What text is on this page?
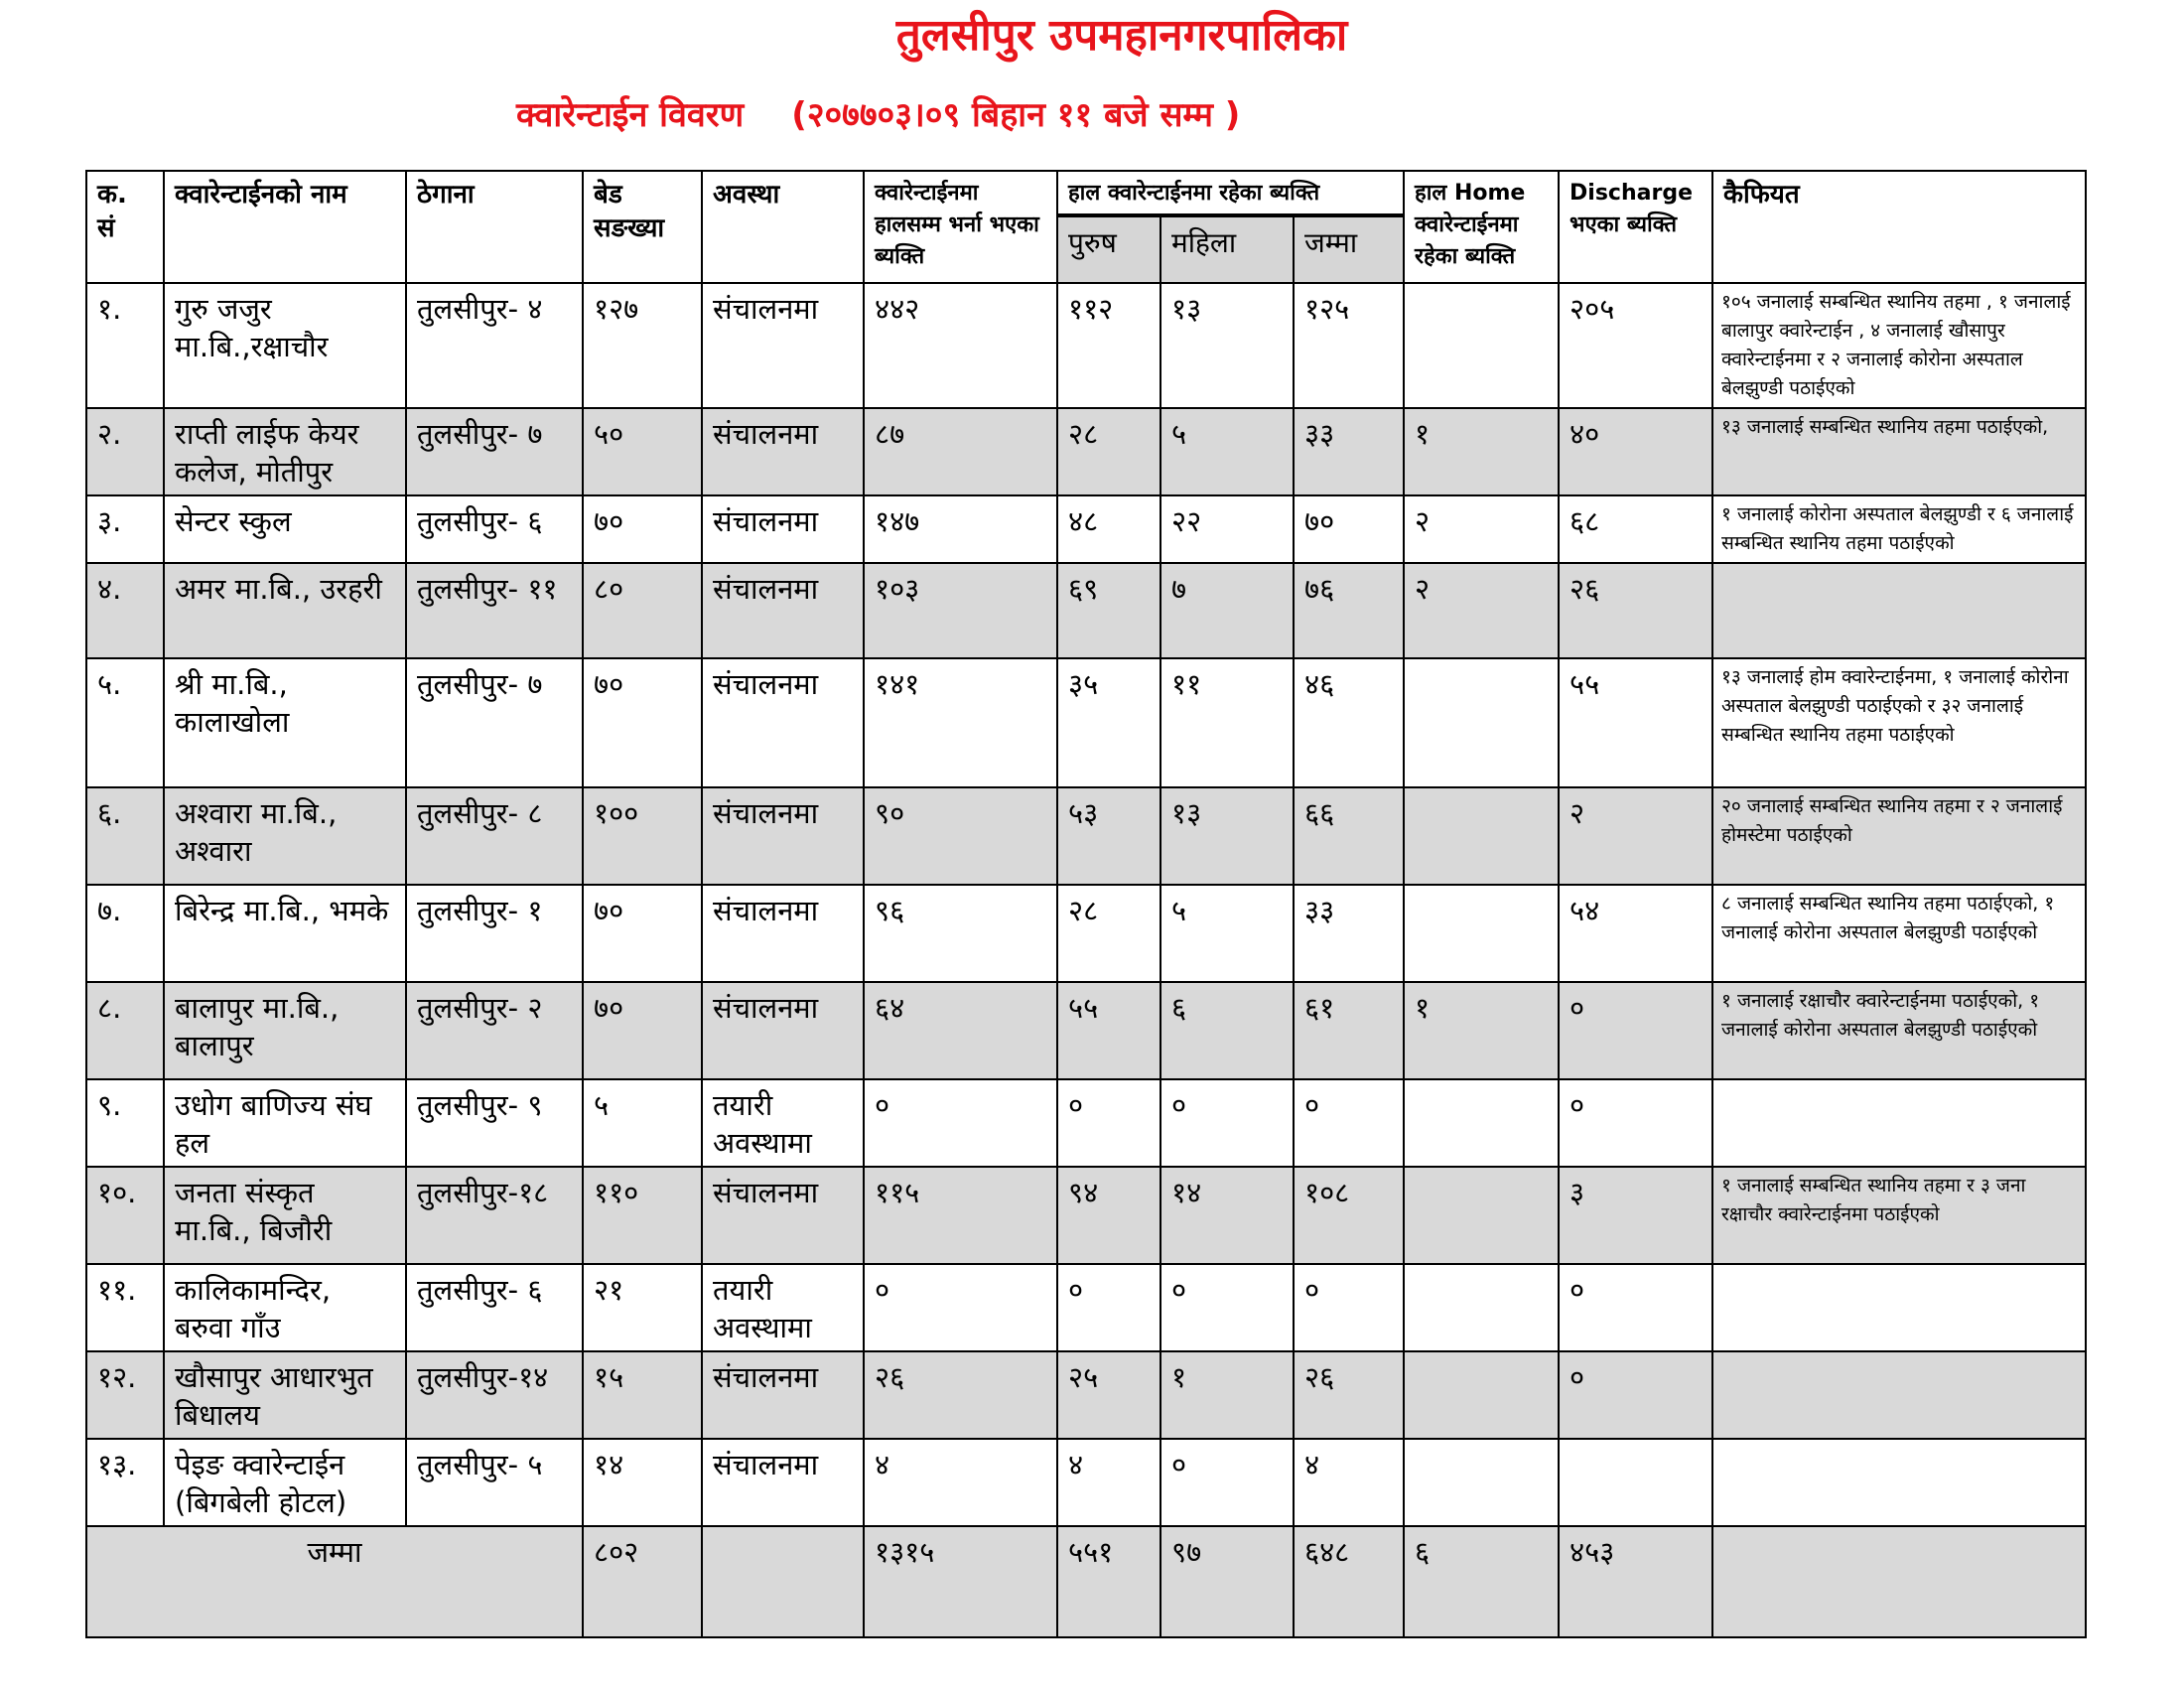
तुलसीपुर उपमहानगरपालिका
क्वारेन्टाईन विवरण (२०७७०३।०९ बिहान ११ बजे सम्म )
क. सं	क्वारेन्टाईनको नाम	ठेगाना	बेड सङख्या	अवस्था	क्वारेन्टाईनमा हालसम्म भर्ना भएका ब्यक्ति	हाल क्वारेन्टाईनमा रहेका ब्यक्ति			हाल Home क्वारेन्टाईनमा रहेका ब्यक्ति	Discharge भएका ब्यक्ति	कैफियत
						पुरुष	महिला	जम्मा			
१.	गुरु जजुर मा.बि.,रक्षाचौर	तुलसीपुर- ४	१२७	संचालनमा	४४२	११२	१३	१२५		२०५	१०५ जनालाई सम्बन्धित स्थानिय तहमा , १ जनालाई बालापुर क्वारेन्टाईन , ४ जनालाई खौसापुर क्वारेन्टाईनमा र २ जनालाई कोरोना अस्पताल बेलझुण्डी पठाईएको
२.	राप्ती लाईफ केयर कलेज, मोतीपुर	तुलसीपुर- ७	५०	संचालनमा	८७	२८	५	३३	१	४०	१३ जनालाई सम्बन्धित स्थानिय तहमा पठाईएको,
३.	सेन्टर स्कुल	तुलसीपुर- ६	७०	संचालनमा	१४७	४८	२२	७०	२	६८	१ जनालाई कोरोना अस्पताल बेलझुण्डी र ६ जनालाई सम्बन्धित स्थानिय तहमा पठाईएको
४.	अमर मा.बि., उरहरी	तुलसीपुर- ११	८०	संचालनमा	१०३	६९	७	७६	२	२६	
५.	श्री मा.बि., कालाखोला	तुलसीपुर- ७	७०	संचालनमा	१४१	३५	११	४६		५५	१३ जनालाई होम क्वारेन्टाईनमा, १ जनालाई कोरोना अस्पताल बेलझुण्डी पठाईएको र ३२ जनालाई सम्बन्धित स्थानिय तहमा पठाईएको
६.	अश्वारा मा.बि., अश्वारा	तुलसीपुर- ८	१००	संचालनमा	९०	५३	१३	६६		२	२० जनालाई सम्बन्धित स्थानिय तहमा र २ जनालाई होमस्टेमा पठाईएको
७.	बिरेन्द्र मा.बि., भमके	तुलसीपुर- १	७०	संचालनमा	९६	२८	५	३३		५४	८ जनालाई सम्बन्धित स्थानिय तहमा पठाईएको, १ जनालाई कोरोना अस्पताल बेलझुण्डी पठाईएको
८.	बालापुर मा.बि., बालापुर	तुलसीपुर- २	७०	संचालनमा	६४	५५	६	६१	१	०	१ जनालाई रक्षाचौर क्वारेन्टाईनमा पठाईएको, १ जनालाई कोरोना अस्पताल बेलझुण्डी पठाईएको
९.	उधोग बाणिज्य संघ हल	तुलसीपुर- ९	५	तयारी अवस्थामा	०	०	०	०		०	
१०.	जनता संस्कृत मा.बि., बिजौरी	तुलसीपुर-१८	११०	संचालनमा	११५	९४	१४	१०८		३	१ जनालाई सम्बन्धित स्थानिय तहमा र ३ जना रक्षाचौर क्वारेन्टाईनमा पठाईएको
११.	कालिकामन्दिर, बरुवा गाँउ	तुलसीपुर- ६	२१	तयारी अवस्थामा	०	०	०	०		०	
१२.	खौसापुर आधारभुत बिधालय	तुलसीपुर-१४	१५	संचालनमा	२६	२५	१	२६		०	
१३.	पेइङ क्वारेन्टाईन (बिगबेली होटल)	तुलसीपुर- ५	१४	संचालनमा	४	४	०	४			
जम्मा			८०२		१३१५	५५१	९७	६४८	६	४५३	
